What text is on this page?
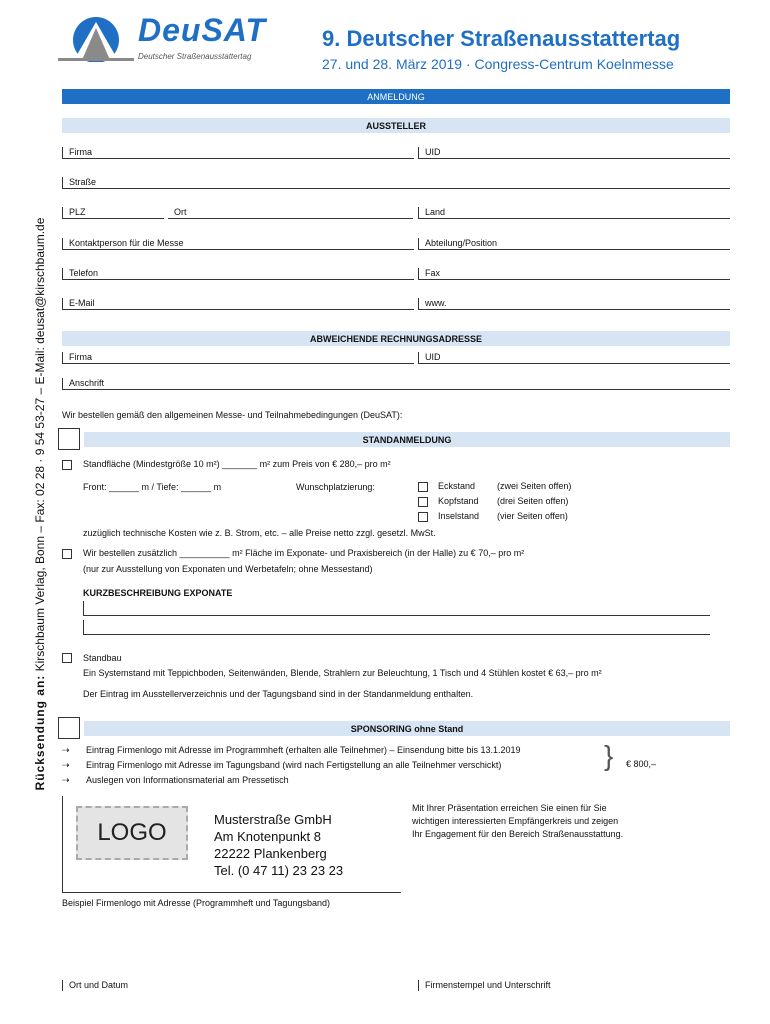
DeuSAT
Deutscher Straßenausstattertag
9. Deutscher Straßenausstattertag
27. und 28. März 2019 · Congress-Centrum Koelnmesse
Rücksendung an: Kirschbaum Verlag, Bonn – Fax: 02 28 · 9 54 53-27 – E-Mail: deusat@kirschbaum.de
ANMELDUNG
AUSSTELLER
Firma	UID
Straße
PLZ	Ort	Land
Kontaktperson für die Messe	Abteilung/Position
Telefon	Fax
E-Mail	www.
ABWEICHENDE RECHNUNGSADRESSE
Firma	UID
Anschrift
Wir bestellen gemäß den allgemeinen Messe- und Teilnahmebedingungen (DeuSAT):
STANDANMELDUNG
Standfläche (Mindestgröße 10 m²) _______ m² zum Preis von € 280,– pro m²
Front: ______ m / Tiefe: ______ m	Wunschplatzierung:	Eckstand (zwei Seiten offen)
Kopfstand (drei Seiten offen)
Inselstand (vier Seiten offen)
zuzüglich technische Kosten wie z. B. Strom, etc. – alle Preise netto zzgl. gesetzl. MwSt.
Wir bestellen zusätzlich __________ m² Fläche im Exponate- und Praxisbereich (in der Halle) zu € 70,– pro m²
(nur zur Ausstellung von Exponaten und Werbetafeln; ohne Messestand)
KURZBESCHREIBUNG EXPONATE
Standbau
Ein Systemstand mit Teppichboden, Seitenwänden, Blende, Strahlern zur Beleuchtung, 1 Tisch und 4 Stühlen kostet € 63,– pro m²
Der Eintrag im Ausstellerverzeichnis und der Tagungsband sind in der Standanmeldung enthalten.
SPONSORING ohne Stand
⇢ Eintrag Firmenlogo mit Adresse im Programmheft (erhalten alle Teilnehmer) – Einsendung bitte bis 13.1.2019
⇢ Eintrag Firmenlogo mit Adresse im Tagungsband (wird nach Fertigstellung an alle Teilnehmer verschickt)
⇢ Auslegen von Informationsmaterial am Pressetisch
} € 800,–
LOGO	Musterstraße GmbH
Am Knotenpunkt 8
22222 Plankenberg
Tel. (0 47 11) 23 23 23
Mit Ihrer Präsentation erreichen Sie einen für Sie
wichtigen interessierten Empfängerkreis und zeigen
Ihr Engagement für den Bereich Straßenausstattung.
Beispiel Firmenlogo mit Adresse (Programmheft und Tagungsband)
Ort und Datum	Firmenstempel und Unterschrift
